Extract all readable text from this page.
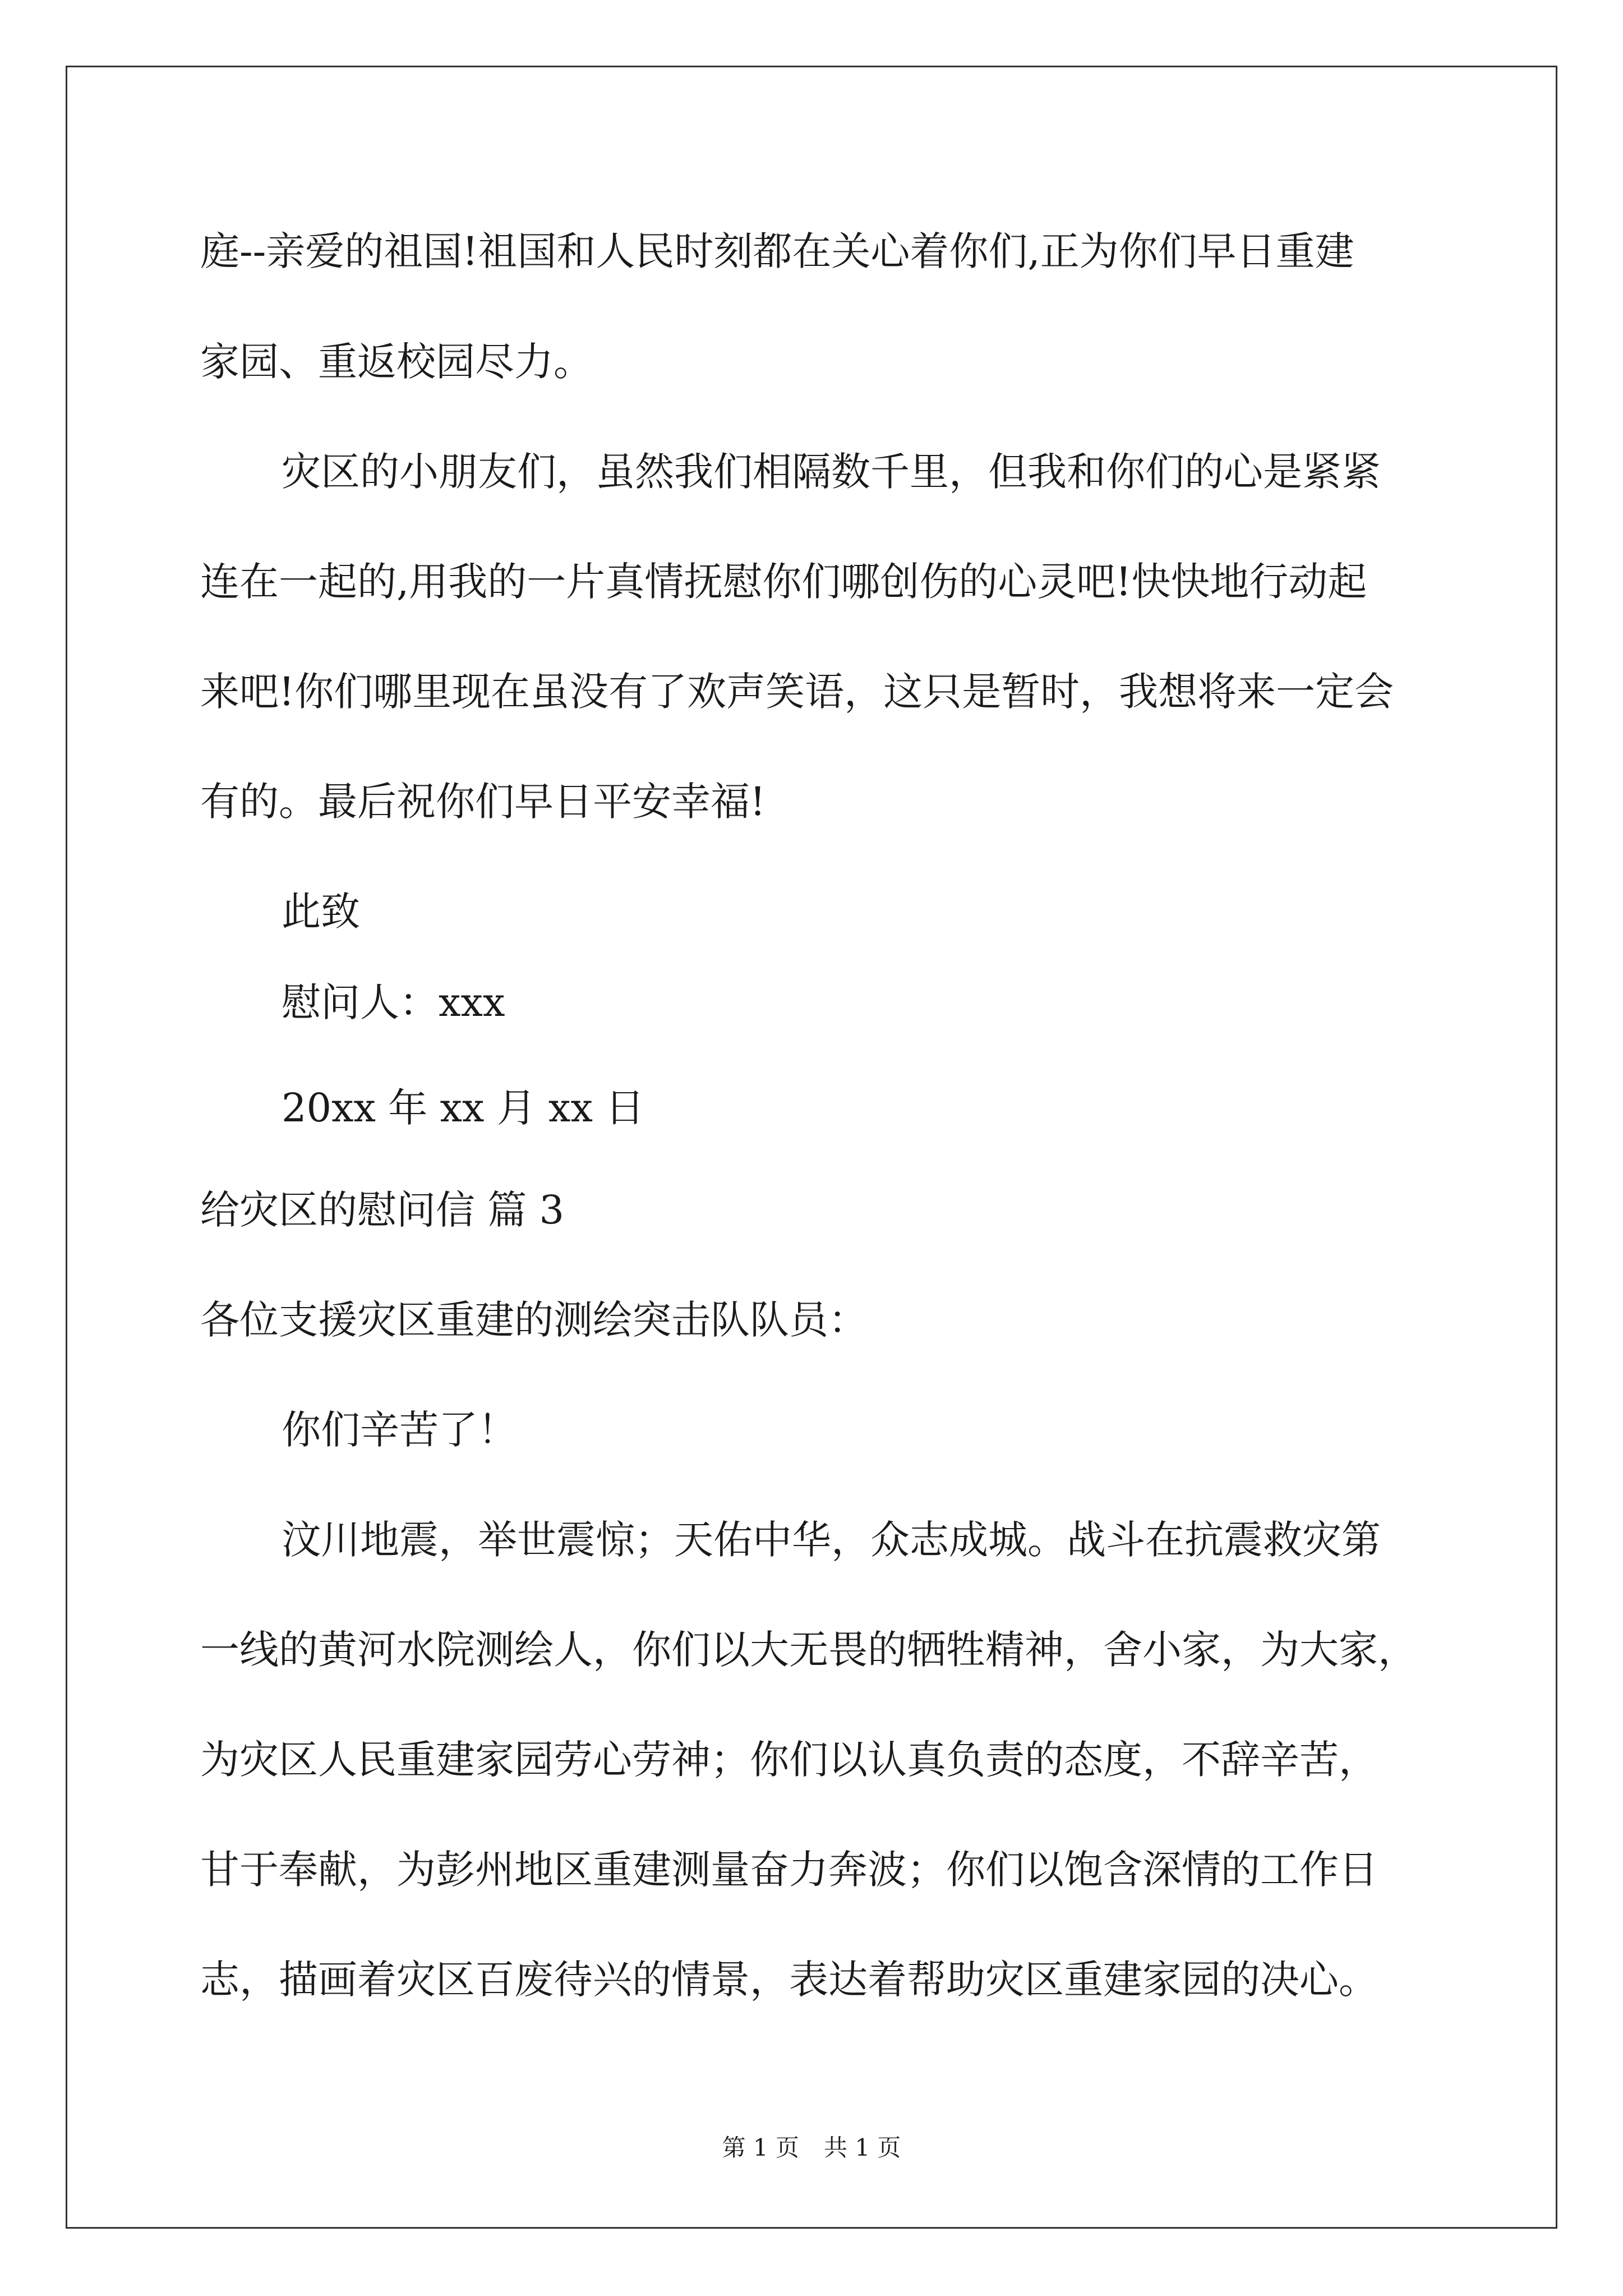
庭--亲爱的祖国!祖国和人民时刻都在关心着你们,正为你们早日重建
家园、重返校园尽力。
灾区的小朋友们，虽然我们相隔数千里，但我和你们的心是紧紧
连在一起的,用我的一片真情抚慰你们哪创伤的心灵吧!快快地行动起
来吧!你们哪里现在虽没有了欢声笑语，这只是暂时，我想将来一定会
有的。最后祝你们早日平安幸福!
此致
慰问人：xxx
20xx 年 xx 月 xx 日
给灾区的慰问信 篇 3
各位支援灾区重建的测绘突击队队员：
你们辛苦了！
汶川地震，举世震惊；天佑中华，众志成城。战斗在抗震救灾第
一线的黄河水院测绘人，你们以大无畏的牺牲精神，舍小家，为大家，
为灾区人民重建家园劳心劳神；你们以认真负责的态度，不辞辛苦，
甘于奉献，为彭州地区重建测量奋力奔波；你们以饱含深情的工作日
志，描画着灾区百废待兴的情景，表达着帮助灾区重建家园的决心。
第 1 页 共 1 页
